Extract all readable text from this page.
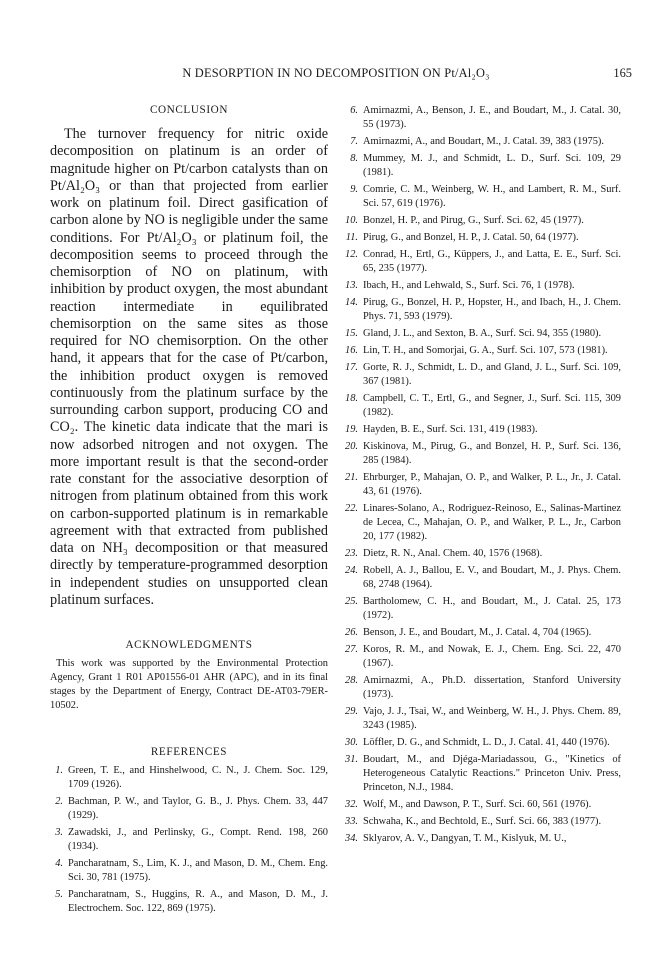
N DESORPTION IN NO DECOMPOSITION ON Pt/Al₂O₃	165
CONCLUSION

The turnover frequency for nitric oxide decomposition on platinum is an order of magnitude higher on Pt/carbon catalysts than on Pt/Al₂O₃ or than that projected from earlier work on platinum foil. Direct gasification of carbon alone by NO is negligible under the same conditions. For Pt/Al₂O₃ or platinum foil, the decomposition seems to proceed through the chemisorption of NO on platinum, with inhibition by product oxygen, the most abundant reaction intermediate in equilibrated chemisorption on the same sites as those required for NO chemisorption. On the other hand, it appears that for the case of Pt/carbon, the inhibition product oxygen is removed continuously from the platinum surface by the surrounding carbon support, producing CO and CO₂. The kinetic data indicate that the mari is now adsorbed nitrogen and not oxygen. The more important result is that the second-order rate constant for the associative desorption of nitrogen from platinum obtained from this work on carbon-supported platinum is in remarkable agreement with that extracted from published data on NH₃ decomposition or that measured directly by temperature-programmed desorption in independent studies on unsupported clean platinum surfaces.

ACKNOWLEDGMENTS

This work was supported by the Environmental Protection Agency, Grant 1 R01 AP01556-01 AHR (APC), and in its final stages by the Department of Energy, Contract DE-AT03-79ER-10502.

REFERENCES
1. Green, T. E., and Hinshelwood, C. N., J. Chem. Soc. 129, 1709 (1926).
2. Bachman, P. W., and Taylor, G. B., J. Phys. Chem. 33, 447 (1929).
3. Zawadski, J., and Perlinsky, G., Compt. Rend. 198, 260 (1934).
4. Pancharatnam, S., Lim, K. J., and Mason, D. M., Chem. Eng. Sci. 30, 781 (1975).
5. Pancharatnam, S., Huggins, R. A., and Mason, D. M., J. Electrochem. Soc. 122, 869 (1975).
6. Amirnazmi, A., Benson, J. E., and Boudart, M., J. Catal. 30, 55 (1973).
7. Amirnazmi, A., and Boudart, M., J. Catal. 39, 383 (1975).
8. Mummey, M. J., and Schmidt, L. D., Surf. Sci. 109, 29 (1981).
9. Comrie, C. M., Weinberg, W. H., and Lambert, R. M., Surf. Sci. 57, 619 (1976).
10. Bonzel, H. P., and Pirug, G., Surf. Sci. 62, 45 (1977).
11. Pirug, G., and Bonzel, H. P., J. Catal. 50, 64 (1977).
12. Conrad, H., Ertl, G., Küppers, J., and Latta, E. E., Surf. Sci. 65, 235 (1977).
13. Ibach, H., and Lehwald, S., Surf. Sci. 76, 1 (1978).
14. Pirug, G., Bonzel, H. P., Hopster, H., and Ibach, H., J. Chem. Phys. 71, 593 (1979).
15. Gland, J. L., and Sexton, B. A., Surf. Sci. 94, 355 (1980).
16. Lin, T. H., and Somorjai, G. A., Surf. Sci. 107, 573 (1981).
17. Gorte, R. J., Schmidt, L. D., and Gland, J. L., Surf. Sci. 109, 367 (1981).
18. Campbell, C. T., Ertl, G., and Segner, J., Surf. Sci. 115, 309 (1982).
19. Hayden, B. E., Surf. Sci. 131, 419 (1983).
20. Kiskinova, M., Pirug, G., and Bonzel, H. P., Surf. Sci. 136, 285 (1984).
21. Ehrburger, P., Mahajan, O. P., and Walker, P. L., Jr., J. Catal. 43, 61 (1976).
22. Linares-Solano, A., Rodriguez-Reinoso, E., Salinas-Martinez de Lecea, C., Mahajan, O. P., and Walker, P. L., Jr., Carbon 20, 177 (1982).
23. Dietz, R. N., Anal. Chem. 40, 1576 (1968).
24. Robell, A. J., Ballou, E. V., and Boudart, M., J. Phys. Chem. 68, 2748 (1964).
25. Bartholomew, C. H., and Boudart, M., J. Catal. 25, 173 (1972).
26. Benson, J. E., and Boudart, M., J. Catal. 4, 704 (1965).
27. Koros, R. M., and Nowak, E. J., Chem. Eng. Sci. 22, 470 (1967).
28. Amirnazmi, A., Ph.D. dissertation, Stanford University (1973).
29. Vajo, J. J., Tsai, W., and Weinberg, W. H., J. Phys. Chem. 89, 3243 (1985).
30. Löffler, D. G., and Schmidt, L. D., J. Catal. 41, 440 (1976).
31. Boudart, M., and Djéga-Mariadassou, G., "Kinetics of Heterogeneous Catalytic Reactions." Princeton Univ. Press, Princeton, N.J., 1984.
32. Wolf, M., and Dawson, P. T., Surf. Sci. 60, 561 (1976).
33. Schwaha, K., and Bechtold, E., Surf. Sci. 66, 383 (1977).
34. Sklyarov, A. V., Dangyan, T. M., Kislyuk, M. U.,
